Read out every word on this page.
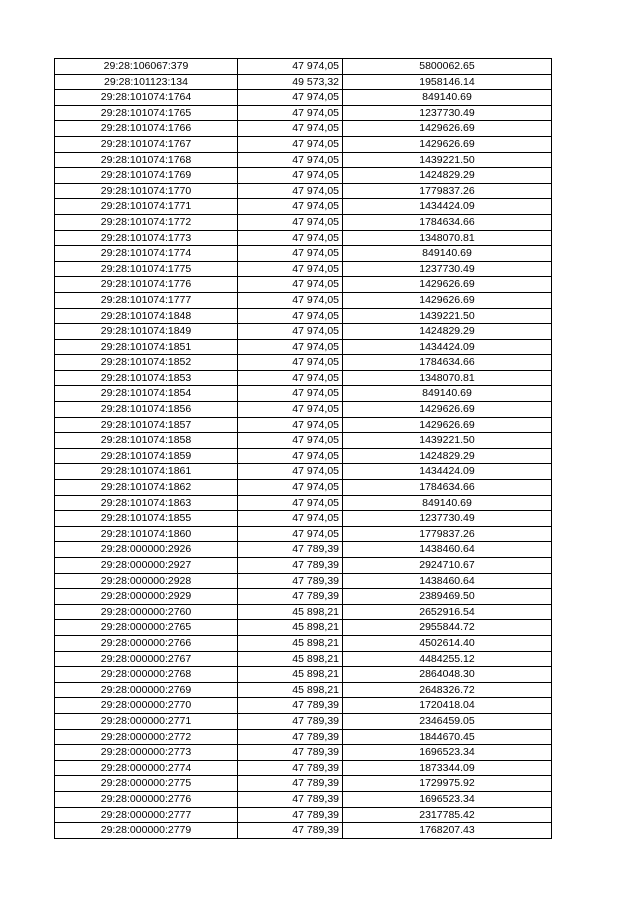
29:28:106067:379	47 974,05	5800062.65
29:28:101123:134	49 573,32	1958146.14
29:28:101074:1764	47 974,05	849140.69
29:28:101074:1765	47 974,05	1237730.49
29:28:101074:1766	47 974,05	1429626.69
29:28:101074:1767	47 974,05	1429626.69
29:28:101074:1768	47 974,05	1439221.50
29:28:101074:1769	47 974,05	1424829.29
29:28:101074:1770	47 974,05	1779837.26
29:28:101074:1771	47 974,05	1434424.09
29:28:101074:1772	47 974,05	1784634.66
29:28:101074:1773	47 974,05	1348070.81
29:28:101074:1774	47 974,05	849140.69
29:28:101074:1775	47 974,05	1237730.49
29:28:101074:1776	47 974,05	1429626.69
29:28:101074:1777	47 974,05	1429626.69
29:28:101074:1848	47 974,05	1439221.50
29:28:101074:1849	47 974,05	1424829.29
29:28:101074:1851	47 974,05	1434424.09
29:28:101074:1852	47 974,05	1784634.66
29:28:101074:1853	47 974,05	1348070.81
29:28:101074:1854	47 974,05	849140.69
29:28:101074:1856	47 974,05	1429626.69
29:28:101074:1857	47 974,05	1429626.69
29:28:101074:1858	47 974,05	1439221.50
29:28:101074:1859	47 974,05	1424829.29
29:28:101074:1861	47 974,05	1434424.09
29:28:101074:1862	47 974,05	1784634.66
29:28:101074:1863	47 974,05	849140.69
29:28:101074:1855	47 974,05	1237730.49
29:28:101074:1860	47 974,05	1779837.26
29:28:000000:2926	47 789,39	1438460.64
29:28:000000:2927	47 789,39	2924710.67
29:28:000000:2928	47 789,39	1438460.64
29:28:000000:2929	47 789,39	2389469.50
29:28:000000:2760	45 898,21	2652916.54
29:28:000000:2765	45 898,21	2955844.72
29:28:000000:2766	45 898,21	4502614.40
29:28:000000:2767	45 898,21	4484255.12
29:28:000000:2768	45 898,21	2864048.30
29:28:000000:2769	45 898,21	2648326.72
29:28:000000:2770	47 789,39	1720418.04
29:28:000000:2771	47 789,39	2346459.05
29:28:000000:2772	47 789,39	1844670.45
29:28:000000:2773	47 789,39	1696523.34
29:28:000000:2774	47 789,39	1873344.09
29:28:000000:2775	47 789,39	1729975.92
29:28:000000:2776	47 789,39	1696523.34
29:28:000000:2777	47 789,39	2317785.42
29:28:000000:2779	47 789,39	1768207.43
